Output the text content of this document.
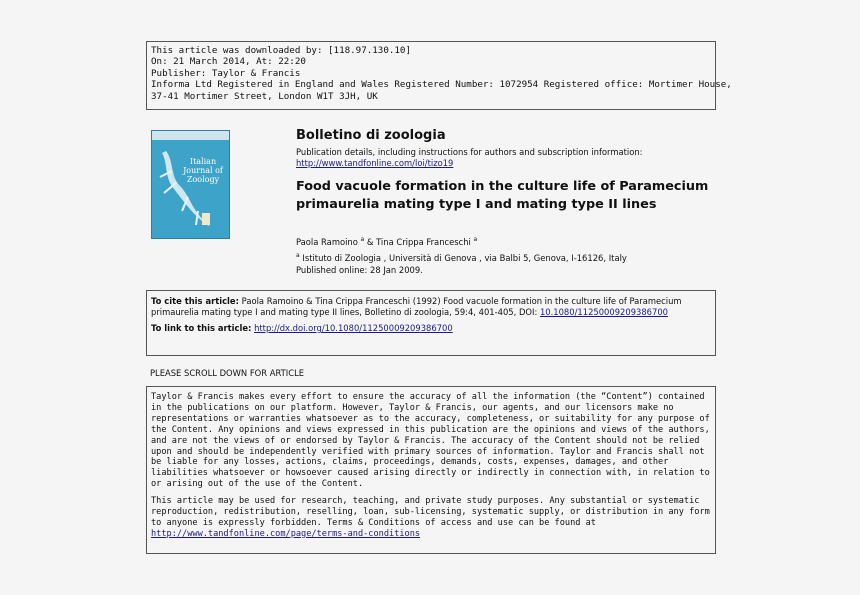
This article was downloaded by: [118.97.130.10]
On: 21 March 2014, At: 22:20
Publisher: Taylor & Francis
Informa Ltd Registered in England and Wales Registered Number: 1072954 Registered office: Mortimer House,
37-41 Mortimer Street, London W1T 3JH, UK
Italian
Journal of
Zoology
Bolletino di zoologia
Publication details, including instructions for authors and subscription information:
http://www.tandfonline.com/loi/tizo19
Food vacuole formation in the culture life of Paramecium primaurelia mating type I and mating type II lines
Paola Ramoino $^a$ & Tina Crippa Franceschi $^a$
$^a$ Istituto di Zoologia , Università di Genova , via Balbi 5, Genova, I-16126, Italy
Published online: 28 Jan 2009.
To cite this article: Paola Ramoino & Tina Crippa Franceschi (1992) Food vacuole formation in the culture life of Paramecium primaurelia mating type I and mating type II lines, Bolletino di zoologia, 59:4, 401-405, DOI: 10.1080/11250009209386700
To link to this article: http://dx.doi.org/10.1080/11250009209386700
PLEASE SCROLL DOWN FOR ARTICLE

Taylor & Francis makes every effort to ensure the accuracy of all the information (the “Content”) contained in the publications on our platform. However, Taylor & Francis, our agents, and our licensors make no representations or warranties whatsoever as to the accuracy, completeness, or suitability for any purpose of the Content. Any opinions and views expressed in this publication are the opinions and views of the authors, and are not the views of or endorsed by Taylor & Francis. The accuracy of the Content should not be relied upon and should be independently verified with primary sources of information. Taylor and Francis shall not be liable for any losses, actions, claims, proceedings, demands, costs, expenses, damages, and other liabilities whatsoever or howsoever caused arising directly or indirectly in connection with, in relation to or arising out of the use of the Content.

This article may be used for research, teaching, and private study purposes. Any substantial or systematic reproduction, redistribution, reselling, loan, sub-licensing, systematic supply, or distribution in any form to anyone is expressly forbidden. Terms & Conditions of access and use can be found at http://www.tandfonline.com/page/terms-and-conditions
